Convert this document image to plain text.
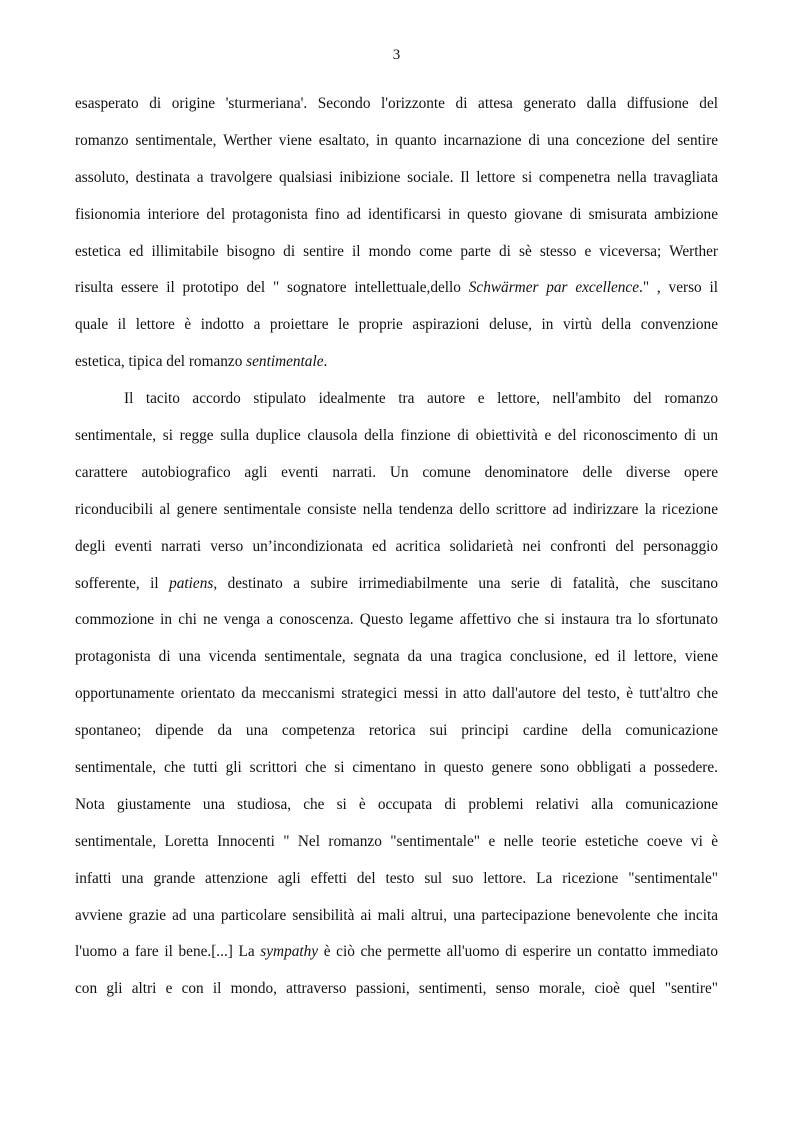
3
esasperato di origine 'sturmeriana'. Secondo l'orizzonte di attesa generato dalla diffusione del
romanzo sentimentale, Werther viene esaltato, in quanto incarnazione di una concezione del sentire
assoluto, destinata a travolgere qualsiasi inibizione sociale. Il lettore si compenetra nella travagliata
fisionomia interiore del protagonista fino ad identificarsi in questo giovane di smisurata ambizione
estetica ed illimitabile bisogno di sentire il mondo come parte di sè stesso e viceversa; Werther
risulta essere il prototipo del " sognatore intellettuale,dello Schwärmer par excellence." , verso il
quale il lettore è indotto a proiettare le proprie aspirazioni deluse, in virtù della convenzione
estetica, tipica del romanzo sentimentale.
Il tacito accordo stipulato idealmente tra autore e lettore, nell'ambito del romanzo
sentimentale, si regge sulla duplice clausola della finzione di obiettività e del riconoscimento di un
carattere autobiografico agli eventi narrati. Un comune denominatore delle diverse opere
riconducibili al genere sentimentale consiste nella tendenza dello scrittore ad indirizzare la ricezione
degli eventi narrati verso un’incondizionata ed acritica solidarietà nei confronti del personaggio
sofferente, il patiens, destinato a subire irrimediabilmente una serie di fatalità, che suscitano
commozione in chi ne venga a conoscenza. Questo legame affettivo che si instaura tra lo sfortunato
protagonista di una vicenda sentimentale, segnata da una tragica conclusione, ed il lettore, viene
opportunamente orientato da meccanismi strategici messi in atto dall'autore del testo, è tutt'altro che
spontaneo; dipende da una competenza retorica sui principi cardine della comunicazione
sentimentale, che tutti gli scrittori che si cimentano in questo genere sono obbligati a possedere.
Nota giustamente una studiosa, che si è occupata di problemi relativi alla comunicazione
sentimentale, Loretta Innocenti " Nel romanzo "sentimentale" e nelle teorie estetiche coeve vi è
infatti una grande attenzione agli effetti del testo sul suo lettore. La ricezione "sentimentale"
avviene grazie ad una particolare sensibilità ai mali altrui, una partecipazione benevolente che incita
l'uomo a fare il bene.[...] La sympathy è ciò che permette all'uomo di esperire un contatto immediato
con gli altri e con il mondo, attraverso passioni, sentimenti, senso morale, cioè quel "sentire"
